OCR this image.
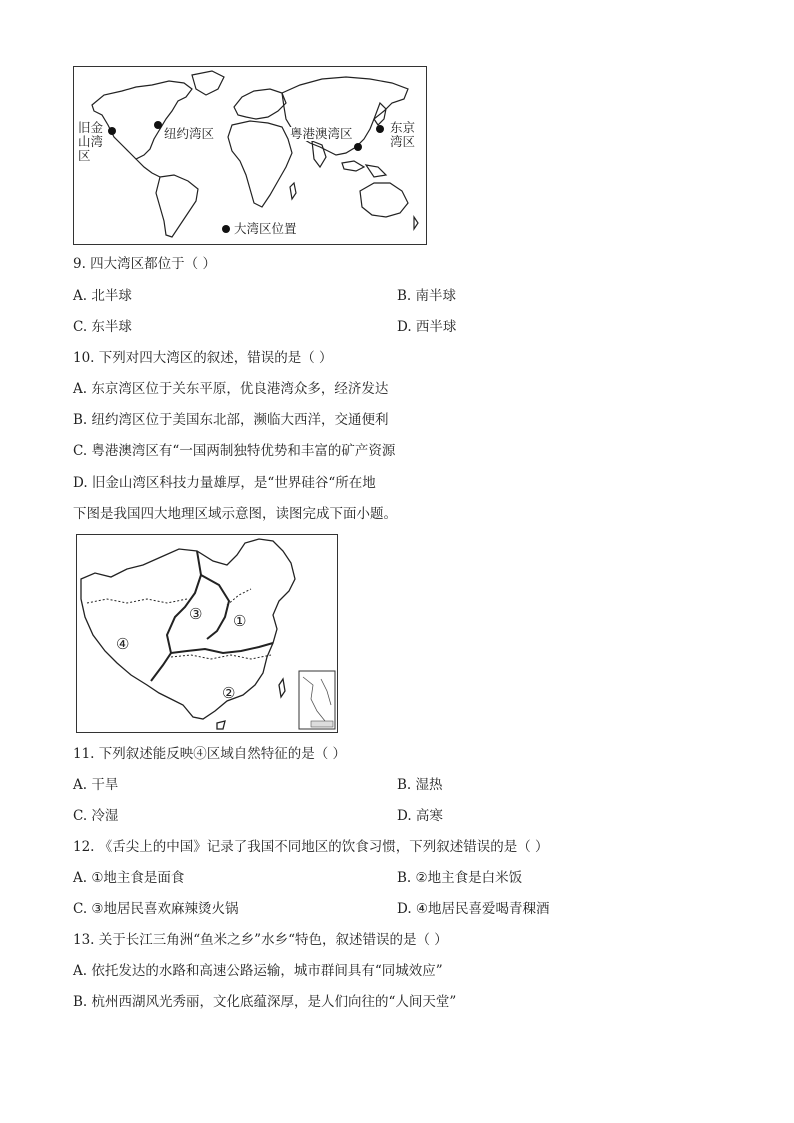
旧金
山湾
区
纽约湾区	粤港澳湾区	东京
湾区
大湾区位置
9. 四大湾区都位于（ ）
A. 北半球	B. 南半球
C. 东半球	D. 西半球
10. 下列对四大湾区的叙述，错误的是（ ）
A. 东京湾区位于关东平原，优良港湾众多，经济发达
B. 纽约湾区位于美国东北部，濒临大西洋，交通便利
C. 粤港澳湾区有“一国两制独特优势和丰富的矿产资源
D. 旧金山湾区科技力量雄厚，是“世界硅谷“所在地
下图是我国四大地理区域示意图，读图完成下面小题。
③ ①
④
②
11. 下列叙述能反映④区域自然特征的是（ ）
A. 干旱	B. 湿热
C. 冷湿	D. 高寒
12. 《舌尖上的中国》记录了我国不同地区的饮食习惯，下列叙述错误的是（ ）
A. ①地主食是面食	B. ②地主食是白米饭
C. ③地居民喜欢麻辣烫火锅	D. ④地居民喜爱喝青稞酒
13. 关于长江三角洲“鱼米之乡”水乡“特色，叙述错误的是（ ）
A. 依托发达的水路和高速公路运输，城市群间具有“同城效应”
B. 杭州西湖风光秀丽，文化底蕴深厚，是人们向往的“人间天堂”
